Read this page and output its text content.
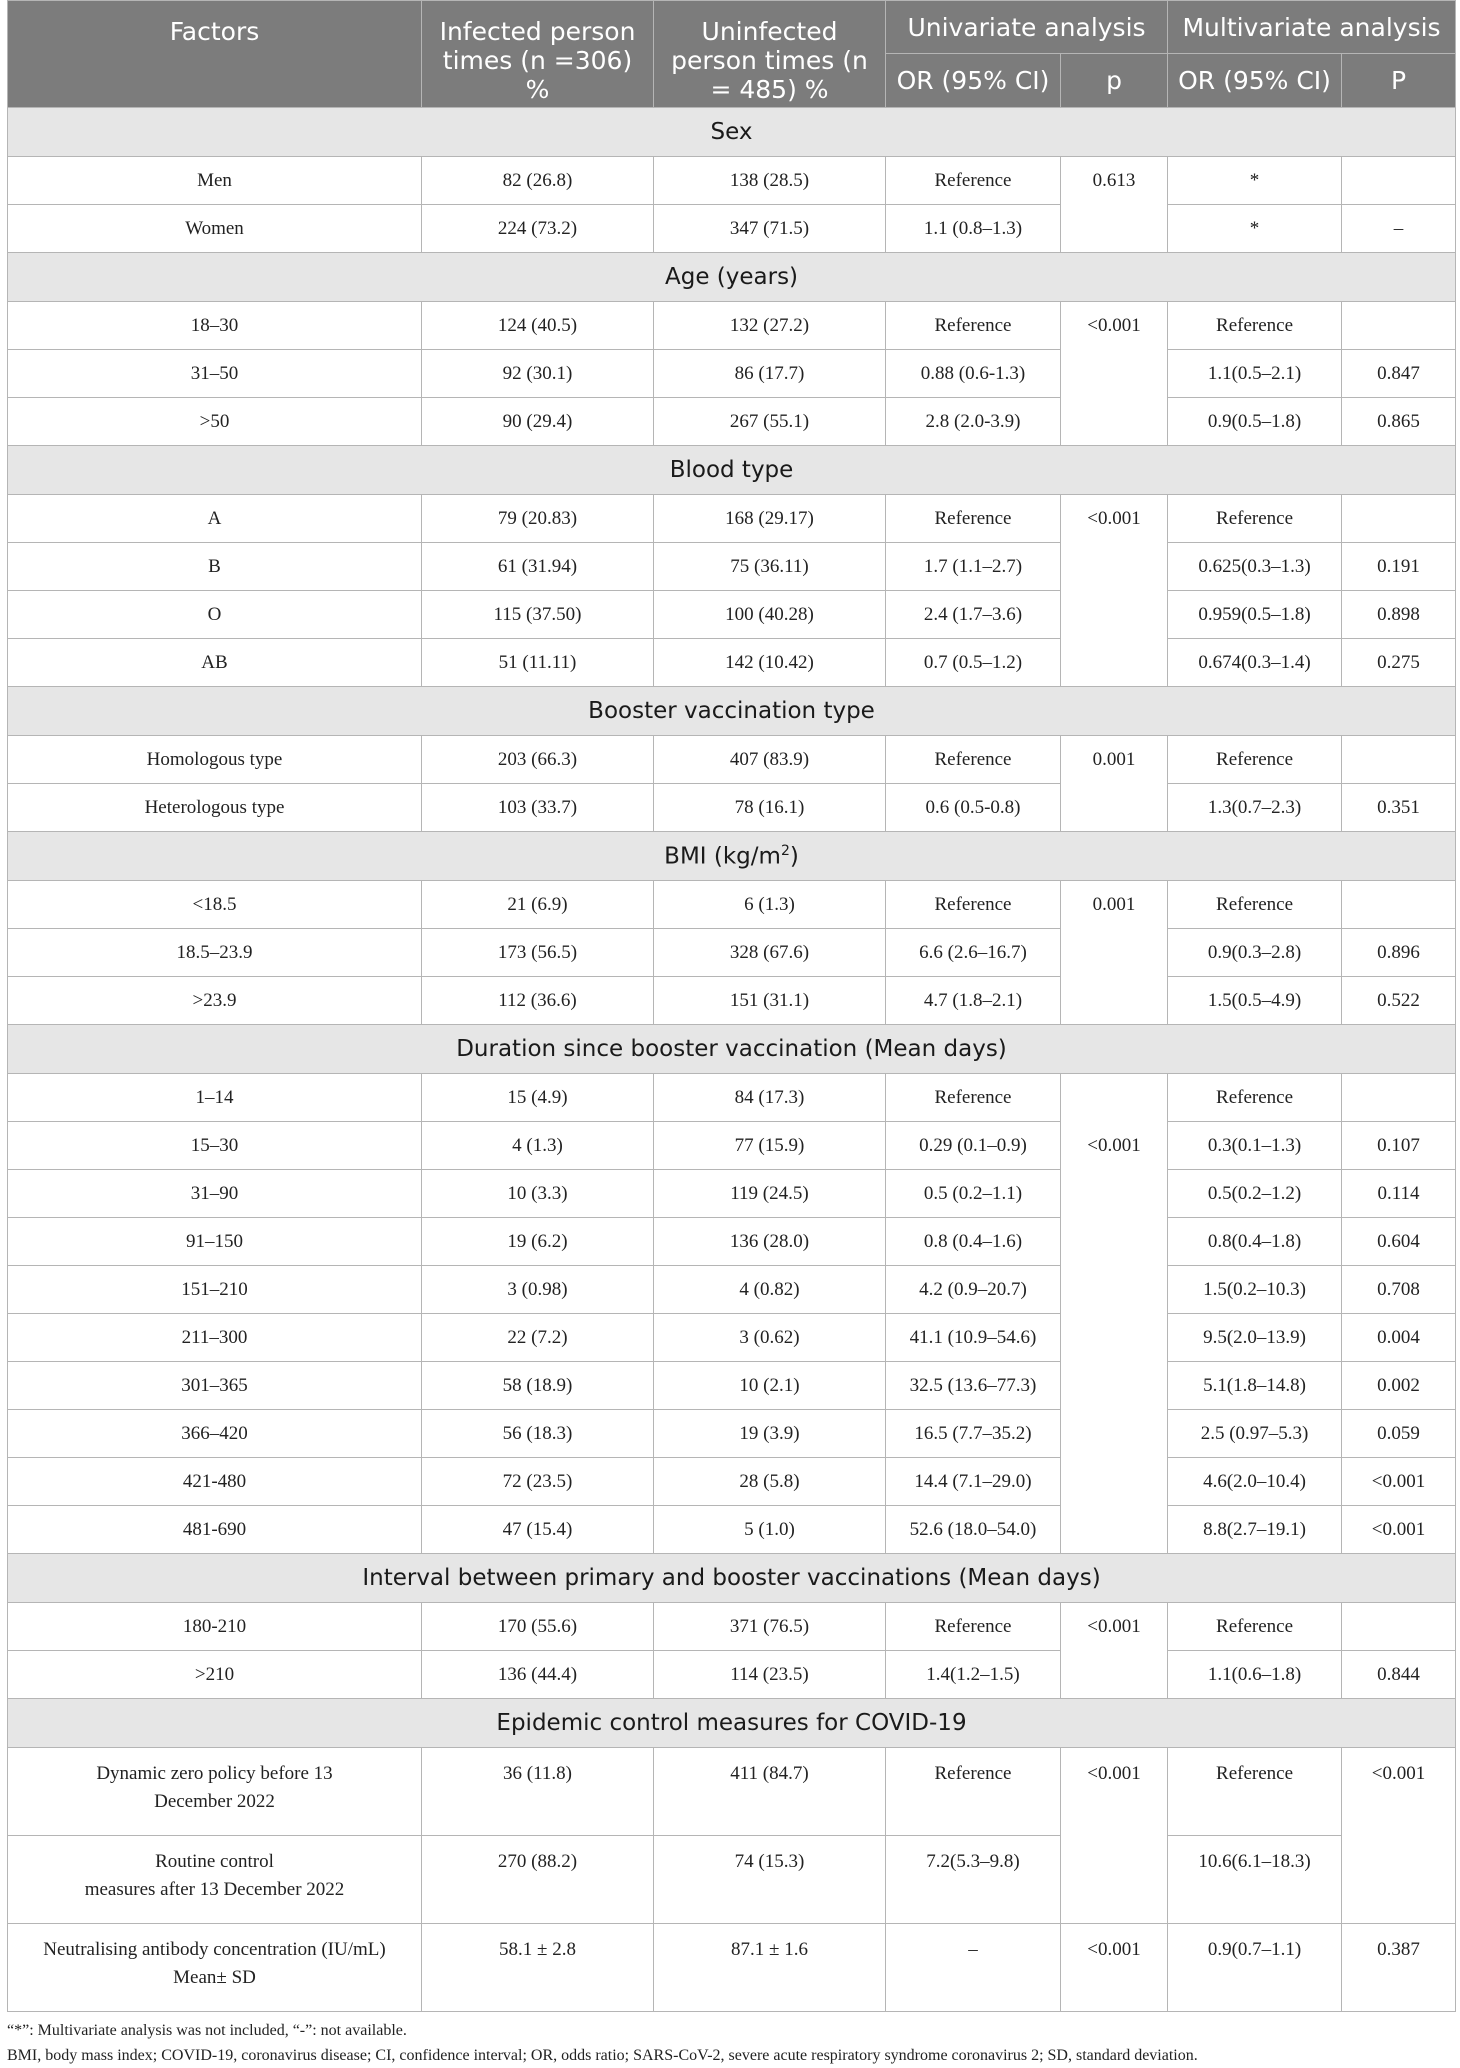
Factors	Infected person times (n =306) %	Uninfected person times (n = 485) %	Univariate analysis		Multivariate analysis	
			OR (95% CI)	p	OR (95% CI)	P
Sex						
Men	82 (26.8)	138 (28.5)	Reference	0.613	*	
Women	224 (73.2)	347 (71.5)	1.1 (0.8–1.3)		*	–
Age (years)						
18–30	124 (40.5)	132 (27.2)	Reference	<0.001	Reference	
31–50	92 (30.1)	86 (17.7)	0.88 (0.6-1.3)		1.1(0.5–2.1)	0.847
>50	90 (29.4)	267 (55.1)	2.8 (2.0-3.9)		0.9(0.5–1.8)	0.865
Blood type						
A	79 (20.83)	168 (29.17)	Reference	<0.001	Reference	
B	61 (31.94)	75 (36.11)	1.7 (1.1–2.7)		0.625(0.3–1.3)	0.191
O	115 (37.50)	100 (40.28)	2.4 (1.7–3.6)		0.959(0.5–1.8)	0.898
AB	51 (11.11)	142 (10.42)	0.7 (0.5–1.2)		0.674(0.3–1.4)	0.275
Booster vaccination type						
Homologous type	203 (66.3)	407 (83.9)	Reference	0.001	Reference	
Heterologous type	103 (33.7)	78 (16.1)	0.6 (0.5-0.8)		1.3(0.7–2.3)	0.351
BMI $(kg/m^2)$						
<18.5	21 (6.9)	6 (1.3)	Reference	0.001	Reference	
18.5–23.9	173 (56.5)	328 (67.6)	6.6 (2.6–16.7)		0.9(0.3–2.8)	0.896
>23.9	112 (36.6)	151 (31.1)	4.7 (1.8–2.1)		1.5(0.5–4.9)	0.522
Duration since booster vaccination (Mean days)						
1–14	15 (4.9)	84 (17.3)	Reference		Reference	
15–30	4 (1.3)	77 (15.9)	0.29 (0.1–0.9)	<0.001	0.3(0.1–1.3)	0.107
31–90	10 (3.3)	119 (24.5)	0.5 (0.2–1.1)		0.5(0.2–1.2)	0.114
91–150	19 (6.2)	136 (28.0)	0.8 (0.4–1.6)		0.8(0.4–1.8)	0.604
151–210	3 (0.98)	4 (0.82)	4.2 (0.9–20.7)		1.5(0.2–10.3)	0.708
211–300	22 (7.2)	3 (0.62)	41.1 (10.9–54.6)		9.5(2.0–13.9)	0.004
301–365	58 (18.9)	10 (2.1)	32.5 (13.6–77.3)		5.1(1.8–14.8)	0.002
366–420	56 (18.3)	19 (3.9)	16.5 (7.7–35.2)		2.5 (0.97–5.3)	0.059
421-480	72 (23.5)	28 (5.8)	14.4 (7.1–29.0)		4.6(2.0–10.4)	<0.001
481-690	47 (15.4)	5 (1.0)	52.6 (18.0–54.0)		8.8(2.7–19.1)	<0.001
Interval between primary and booster vaccinations (Mean days)						
180-210	170 (55.6)	371 (76.5)	Reference	<0.001	Reference	
>210	136 (44.4)	114 (23.5)	1.4(1.2–1.5)		1.1(0.6–1.8)	0.844
Epidemic control measures for COVID-19						

Dynamic zero policy before 13
December 2022	36 (11.8)	411 (84.7)	Reference	<0.001	Reference	<0.001

Routine control
measures after 13 December 2022	270 (88.2)	74 (15.3)	7.2(5.3–9.8)		10.6(6.1–18.3)	

Neutralising antibody concentration (IU/mL)
Mean± SD	58.1 ± 2.8	87.1 ± 1.6	–	<0.001	0.9(0.7–1.1)	0.387
“*”: Multivariate analysis was not included, “-”: not available.
BMI, body mass index; COVID-19, coronavirus disease; CI, confidence interval; OR, odds ratio; SARS-CoV-2, severe acute respiratory syndrome coronavirus 2; SD, standard deviation.
